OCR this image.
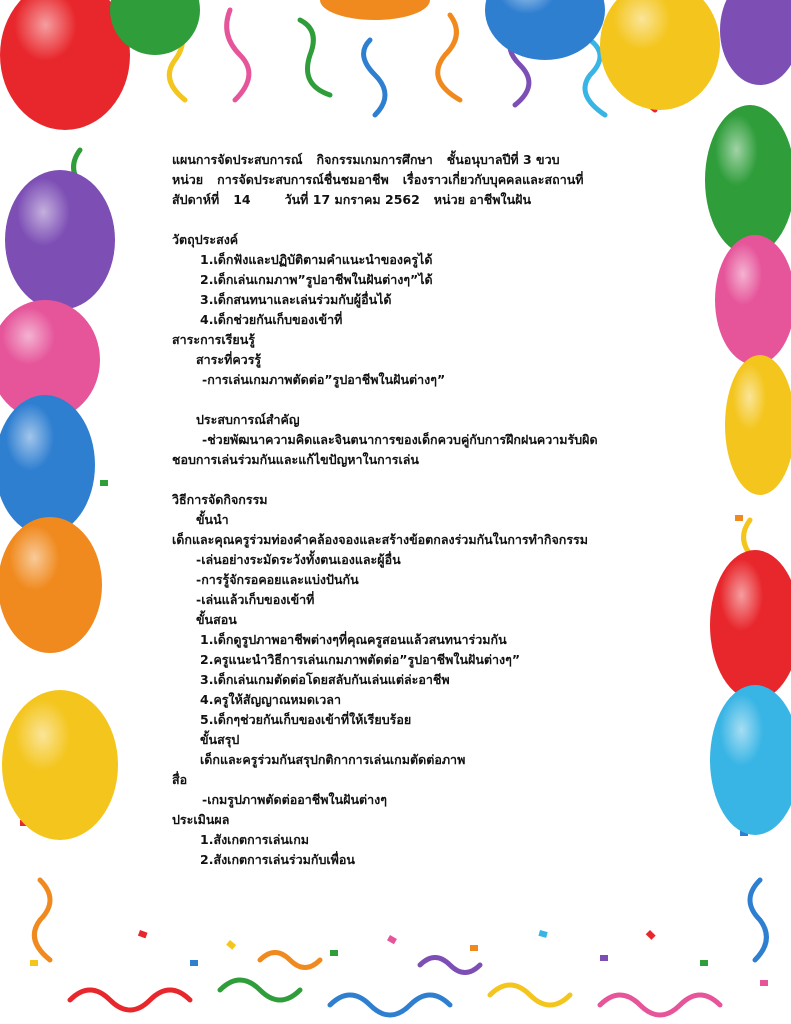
แผนการจัดประสบการณ์ กิจกรรมเกมการศึกษา ชั้นอนุบาลปีที่ 3 ขวบ
หน่วย การจัดประสบการณ์ชื่นชมอาชีพ เรื่องราวเกี่ยวกับบุคคลและสถานที่
สัปดาห์ที่ 14	วันที่ 17 มกราคม 2562 หน่วย อาชีพในฝัน
วัตถุประสงค์
1.เด็กฟังและปฏิบัติตามคำแนะนำของครูได้
2.เด็กเล่นเกมภาพ”รูปอาชีพในฝันต่างๆ”ได้
3.เด็กสนทนาและเล่นร่วมกับผู้อื่นได้
4.เด็กช่วยกันเก็บของเข้าที่
สาระการเรียนรู้
สาระที่ควรรู้
-การเล่นเกมภาพตัดต่อ”รูปอาชีพในฝันต่างๆ”
ประสบการณ์สำคัญ
-ช่วยพัฒนาความคิดและจินตนาการของเด็กควบคู่กับการฝึกฝนความรับผิด
ชอบการเล่นร่วมกันและแก้ไขปัญหาในการเล่น
วิธีการจัดกิจกรรม
ขั้นนำ
เด็กและคุณครูร่วมท่องคำคล้องจองและสร้างข้อตกลงร่วมกันในการทำกิจกรรม
-เล่นอย่างระมัดระวังทั้งตนเองและผู้อื่น
-การรู้จักรอคอยและแบ่งปันกัน
-เล่นแล้วเก็บของเข้าที่
ขั้นสอน
1.เด็กดูรูปภาพอาชีพต่างๆที่คุณครูสอนแล้วสนทนาร่วมกัน
2.ครูแนะนำวิธีการเล่นเกมภาพตัดต่อ”รูปอาชีพในฝันต่างๆ”
3.เด็กเล่นเกมตัดต่อโดยสลับกันเล่นแต่ล่ะอาชีพ
4.ครูให้สัญญาณหมดเวลา
5.เด็กๆช่วยกันเก็บของเข้าที่ให้เรียบร้อย
ขั้นสรุป
เด็กและครูร่วมกันสรุปกติกาการเล่นเกมตัดต่อภาพ
สื่อ
-เกมรูปภาพตัดต่ออาชีพในฝันต่างๆ
ประเมินผล
1.สังเกตการเล่นเกม
2.สังเกตการเล่นร่วมกับเพื่อน
